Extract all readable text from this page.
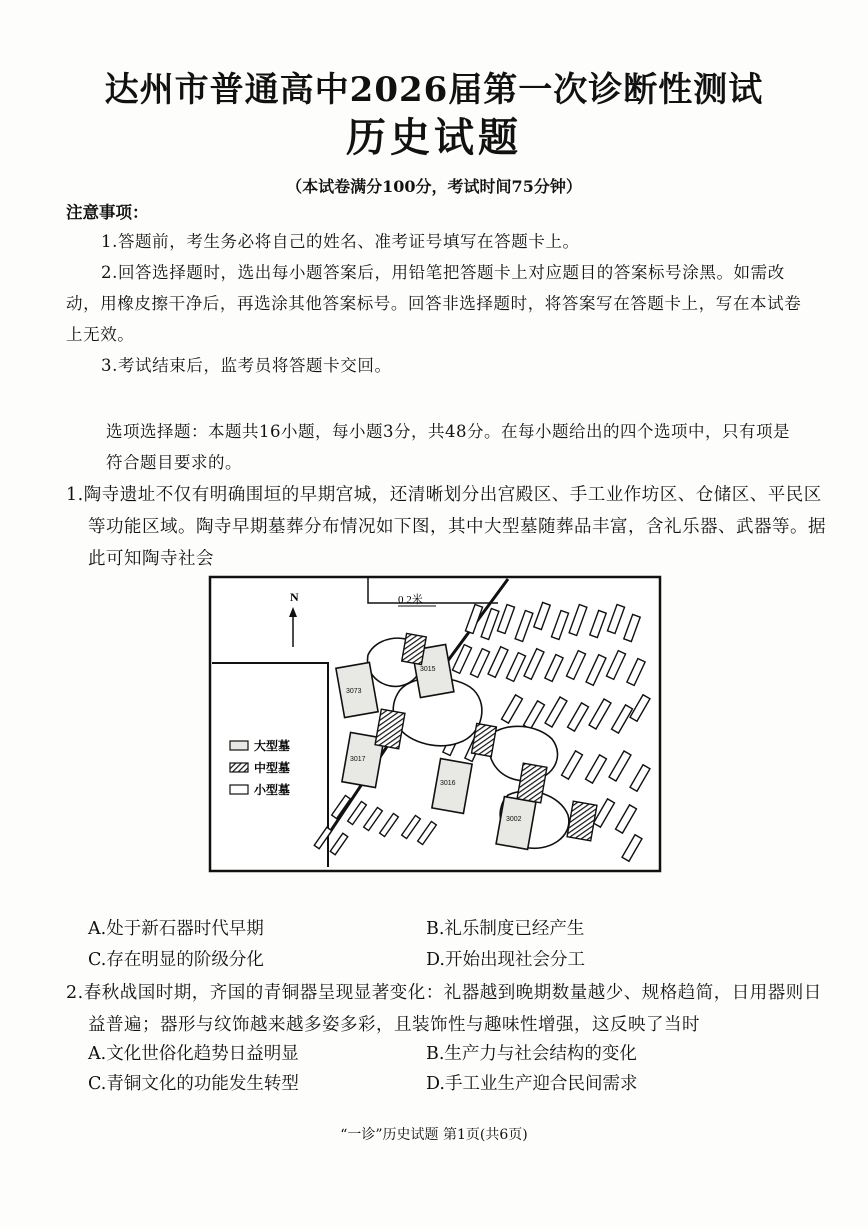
达州市普通高中2026届第一次诊断性测试
历史试题
（本试卷满分100分，考试时间75分钟）
注意事项：
1.答题前，考生务必将自己的姓名、准考证号填写在答题卡上。
2.回答选择题时，选出每小题答案后，用铅笔把答题卡上对应题目的答案标号涂黑。如需改动，用橡皮擦干净后，再选涂其他答案标号。回答非选择题时，将答案写在答题卡上，写在本试卷上无效。
3.考试结束后，监考员将答题卡交回。
选项选择题：本题共16小题，每小题3分，共48分。在每小题给出的四个选项中，只有项是符合题目要求的。
1.陶寺遗址不仅有明确围垣的早期宫城，还清晰划分出宫殿区、手工业作坊区、仓储区、平民区等功能区域。陶寺早期墓葬分布情况如下图，其中大型墓随葬品丰富，含礼乐器、武器等。据此可知陶寺社会
N	0 2米
3073
3015
3016
3002
3017
大型墓
中型墓
小型墓
A.处于新石器时代早期	B.礼乐制度已经产生
C.存在明显的阶级分化	D.开始出现社会分工
2.春秋战国时期，齐国的青铜器呈现显著变化：礼器越到晚期数量越少、规格趋简，日用器则日益普遍；器形与纹饰越来越多姿多彩，且装饰性与趣味性增强，这反映了当时
A.文化世俗化趋势日益明显	B.生产力与社会结构的变化
C.青铜文化的功能发生转型	D.手工业生产迎合民间需求
“一诊”历史试题 第1页(共6页)
